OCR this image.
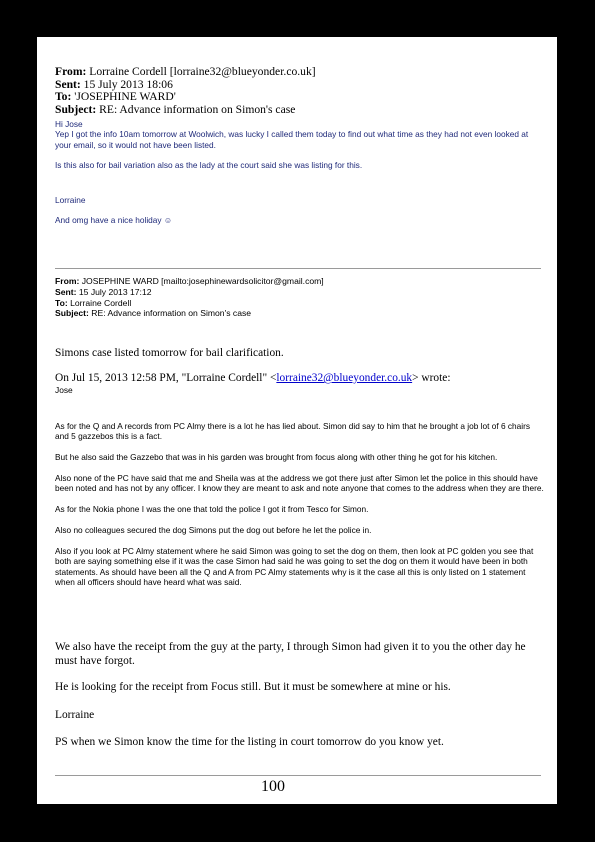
From: Lorraine Cordell [lorraine32@blueyonder.co.uk]
Sent: 15 July 2013 18:06
To: 'JOSEPHINE WARD'
Subject: RE: Advance information on Simon's case
Hi Jose

Yep I got the info 10am tomorrow at Woolwich, was lucky I called them today to find out what time as they had not even looked at your email, so it would not have been listed.

Is this also for bail variation also as the lady at the court said she was listing for this.

Lorraine

And omg have a nice holiday ☺

From: JOSEPHINE WARD [mailto:josephinewardsolicitor@gmail.com]
Sent: 15 July 2013 17:12
To: Lorraine Cordell
Subject: RE: Advance information on Simon's case
Simons case listed tomorrow for bail clarification.
On Jul 15, 2013 12:58 PM, "Lorraine Cordell" <lorraine32@blueyonder.co.uk> wrote:
Jose

As for the Q and A records from PC Almy there is a lot he has lied about. Simon did say to him that he brought a job lot of 6 chairs and 5 gazzebos this is a fact.

But he also said the Gazzebo that was in his garden was brought from focus along with other thing he got for his kitchen.

Also none of the PC have said that me and Sheila was at the address we got there just after Simon let the police in this should have been noted and has not by any officer. I know they are meant to ask and note anyone that comes to the address when they are there.

As for the Nokia phone I was the one that told the police I got it from Tesco for Simon.

Also no colleagues secured the dog Simons put the dog out before he let the police in.

Also if you look at PC Almy statement where he said Simon was going to set the dog on them, then look at PC golden you see that both are saying something else if it was the case Simon had said he was going to set the dog on them it would have been in both statements. As should have been all the Q and A from PC Almy statements why is it the case all this is only listed on 1 statement when all officers should have heard what was said.

We also have the receipt from the guy at the party, I through Simon had given it to you the other day he must have forgot.
He is looking for the receipt from Focus still. But it must be somewhere at mine or his.
Lorraine
PS when we Simon know the time for the listing in court tomorrow do you know yet.
100
